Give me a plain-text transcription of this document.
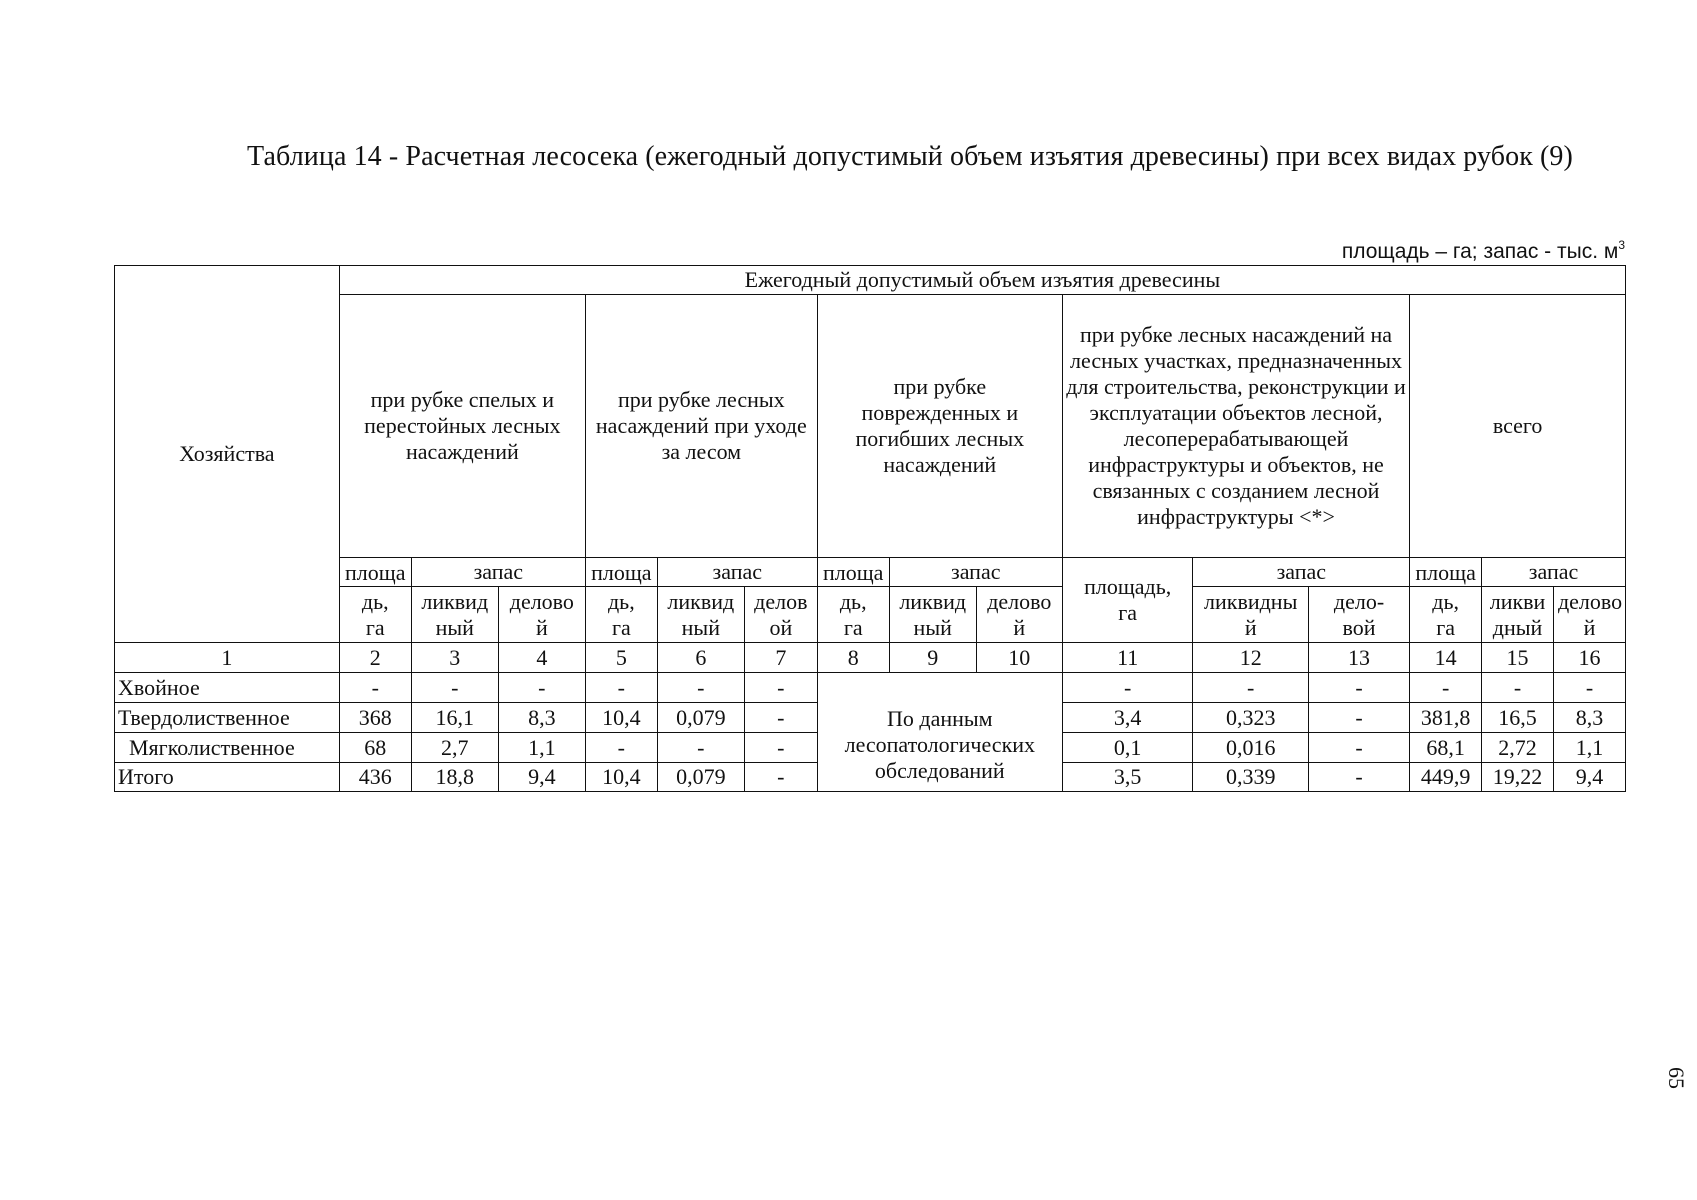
Таблица 14 - Расчетная лесосека (ежегодный допустимый объем изъятия древесины) при всех видах рубок (9)
площадь – га; запас - тыс. $м^3$
Хозяйства	Ежегодный допустимый объем изъятия древесины														

	при рубке спелых и перестойных лесных насаждений			при рубке лесных насаждений при уходе за лесом			при рубке поврежденных и погибших лесных насаждений			при рубке лесных насаждений на лесных участках, предназначенных для строительства, реконструкции и эксплуатации объектов лесной, лесоперерабатывающей инфраструктуры и объектов, не связанных с созданием лесной инфраструктуры <*>			всего		

	площа	запас		площа	запас		площа	запас		площадь, га	запас		площа	запас	

	дь, га	ликвид ный	делово й	дь, га	ликвид ный	делов ой	дь, га	ликвид ный	делово й		ликвидны й	дело- вой	дь, га	ликви дный	делово й

1	2	3	4	5	6	7	8	9	10	11	12	13	14	15	16
Хвойное	-	-	-	-	-	-	По данным лесопатологических обследований			-	-	-	-	-	-
Твердолиственное	368	16,1	8,3	10,4	0,079	-				3,4	0,323	-	381,8	16,5	8,3
Мягколиственное	68	2,7	1,1	-	-	-				0,1	0,016	-	68,1	2,72	1,1
Итого	436	18,8	9,4	10,4	0,079	-				3,5	0,339	-	449,9	19,22	9,4
65
